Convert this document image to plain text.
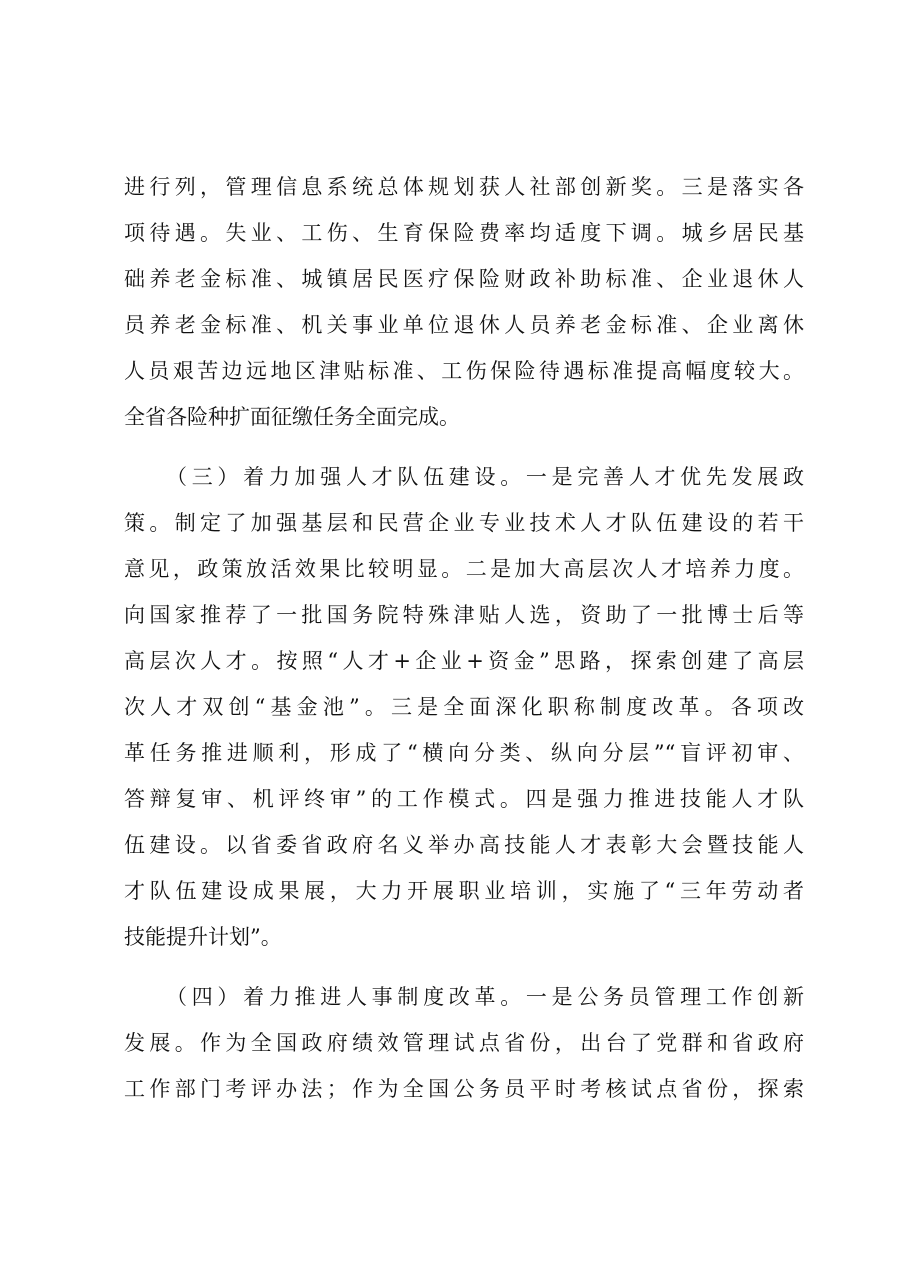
进行列，管理信息系统总体规划获人社部创新奖。三是落实各
项待遇。失业、工伤、生育保险费率均适度下调。城乡居民基
础养老金标准、城镇居民医疗保险财政补助标准、企业退休人
员养老金标准、机关事业单位退休人员养老金标准、企业离休
人员艰苦边远地区津贴标准、工伤保险待遇标准提高幅度较大。
全省各险种扩面征缴任务全面完成。
（三）着力加强人才队伍建设。一是完善人才优先发展政
策。制定了加强基层和民营企业专业技术人才队伍建设的若干
意见，政策放活效果比较明显。二是加大高层次人才培养力度。
向国家推荐了一批国务院特殊津贴人选，资助了一批博士后等
高层次人才。按照“人才+企业+资金”思路，探索创建了高层
次人才双创“基金池”。三是全面深化职称制度改革。各项改
革任务推进顺利，形成了“横向分类、纵向分层”“盲评初审、
答辩复审、机评终审”的工作模式。四是强力推进技能人才队
伍建设。以省委省政府名义举办高技能人才表彰大会暨技能人
才队伍建设成果展，大力开展职业培训，实施了“三年劳动者
技能提升计划”。
（四）着力推进人事制度改革。一是公务员管理工作创新
发展。作为全国政府绩效管理试点省份，出台了党群和省政府
工作部门考评办法；作为全国公务员平时考核试点省份，探索
